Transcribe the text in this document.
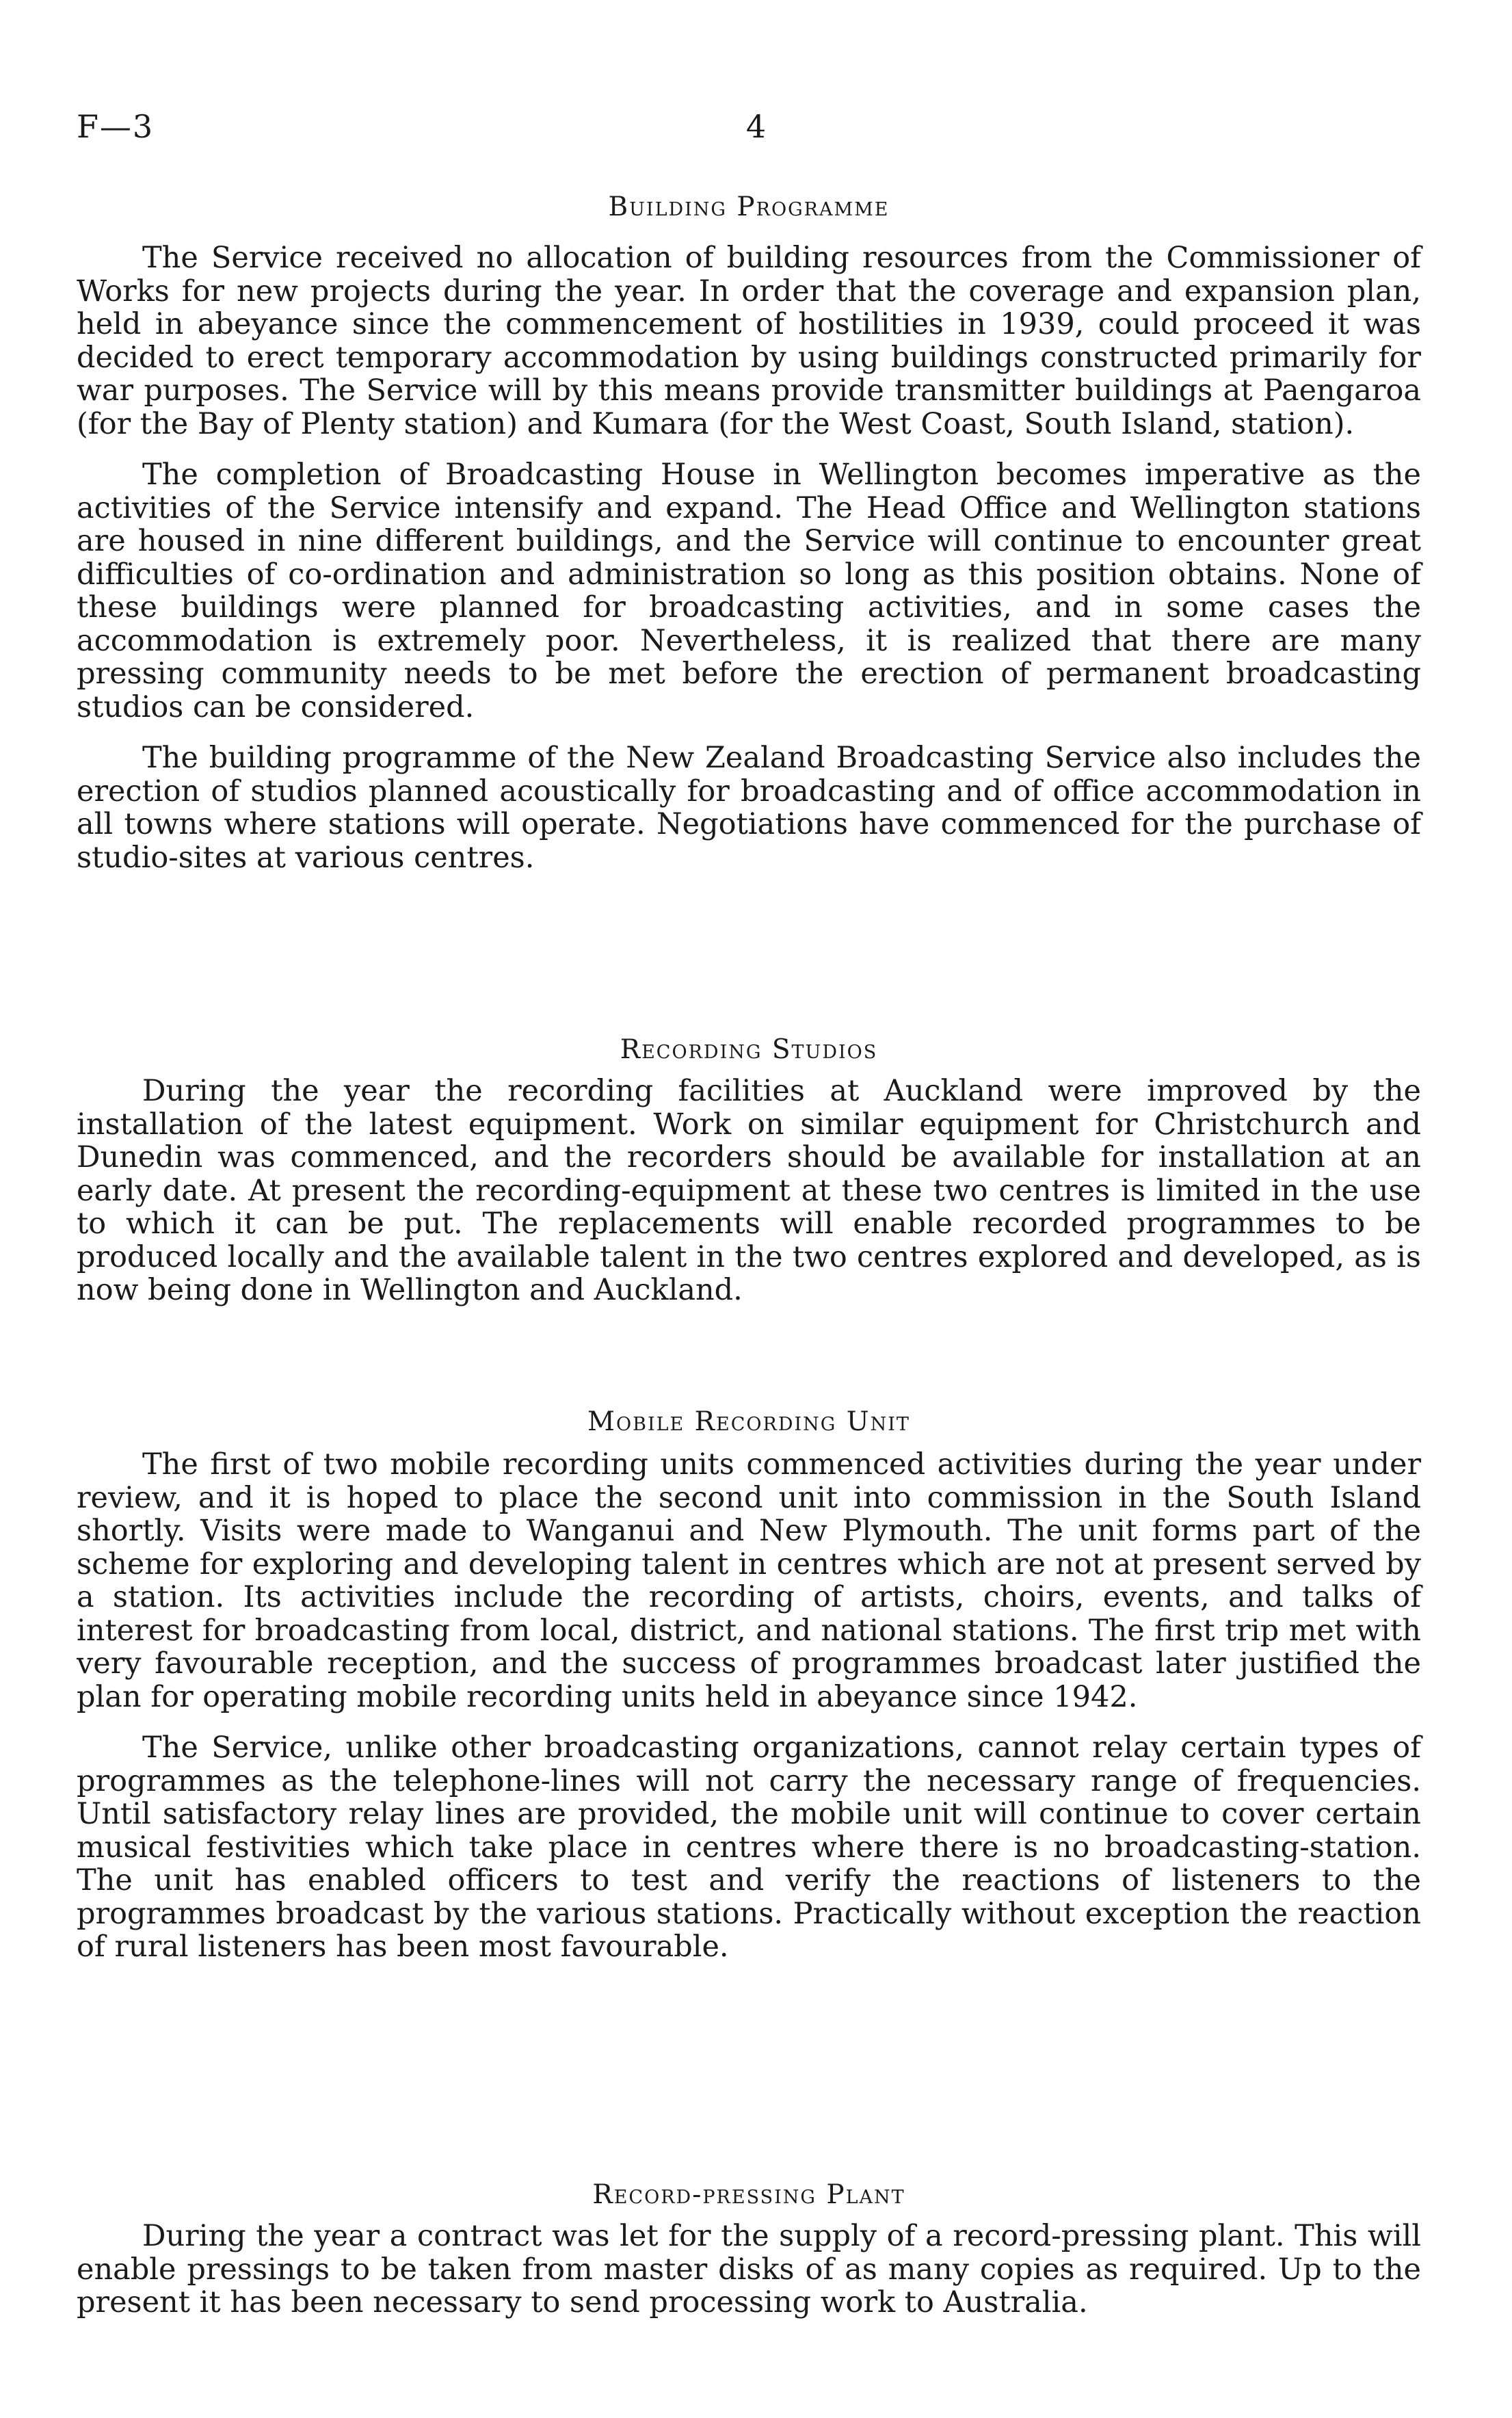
F—3	4
Building Programme

The Service received no allocation of building resources from the Commissioner of Works for new projects during the year. In order that the coverage and expansion plan, held in abeyance since the commencement of hostilities in 1939, could proceed it was decided to erect temporary accommodation by using buildings constructed primarily for war purposes. The Service will by this means provide transmitter buildings at Paengaroa (for the Bay of Plenty station) and Kumara (for the West Coast, South Island, station).

The completion of Broadcasting House in Wellington becomes imperative as the activities of the Service intensify and expand. The Head Office and Wellington stations are housed in nine different buildings, and the Service will continue to encounter great difficulties of co-ordination and administration so long as this position obtains. None of these buildings were planned for broadcasting activities, and in some cases the accommodation is extremely poor. Nevertheless, it is realized that there are many pressing community needs to be met before the erection of permanent broadcasting studios can be considered.

The building programme of the New Zealand Broadcasting Service also includes the erection of studios planned acoustically for broadcasting and of office accommodation in all towns where stations will operate. Negotiations have commenced for the purchase of studio-sites at various centres.

Recording Studios

During the year the recording facilities at Auckland were improved by the installation of the latest equipment. Work on similar equipment for Christchurch and Dunedin was commenced, and the recorders should be available for installation at an early date. At present the recording-equipment at these two centres is limited in the use to which it can be put. The replacements will enable recorded programmes to be produced locally and the available talent in the two centres explored and developed, as is now being done in Wellington and Auckland.

Mobile Recording Unit

The first of two mobile recording units commenced activities during the year under review, and it is hoped to place the second unit into commission in the South Island shortly. Visits were made to Wanganui and New Plymouth. The unit forms part of the scheme for exploring and developing talent in centres which are not at present served by a station. Its activities include the recording of artists, choirs, events, and talks of interest for broadcasting from local, district, and national stations. The first trip met with very favourable reception, and the success of programmes broadcast later justified the plan for operating mobile recording units held in abeyance since 1942.

The Service, unlike other broadcasting organizations, cannot relay certain types of programmes as the telephone-lines will not carry the necessary range of frequencies. Until satisfactory relay lines are provided, the mobile unit will continue to cover certain musical festivities which take place in centres where there is no broadcasting-station. The unit has enabled officers to test and verify the reactions of listeners to the programmes broadcast by the various stations. Practically without exception the reaction of rural listeners has been most favourable.

Record-pressing Plant

During the year a contract was let for the supply of a record-pressing plant. This will enable pressings to be taken from master disks of as many copies as required. Up to the present it has been necessary to send processing work to Australia.
